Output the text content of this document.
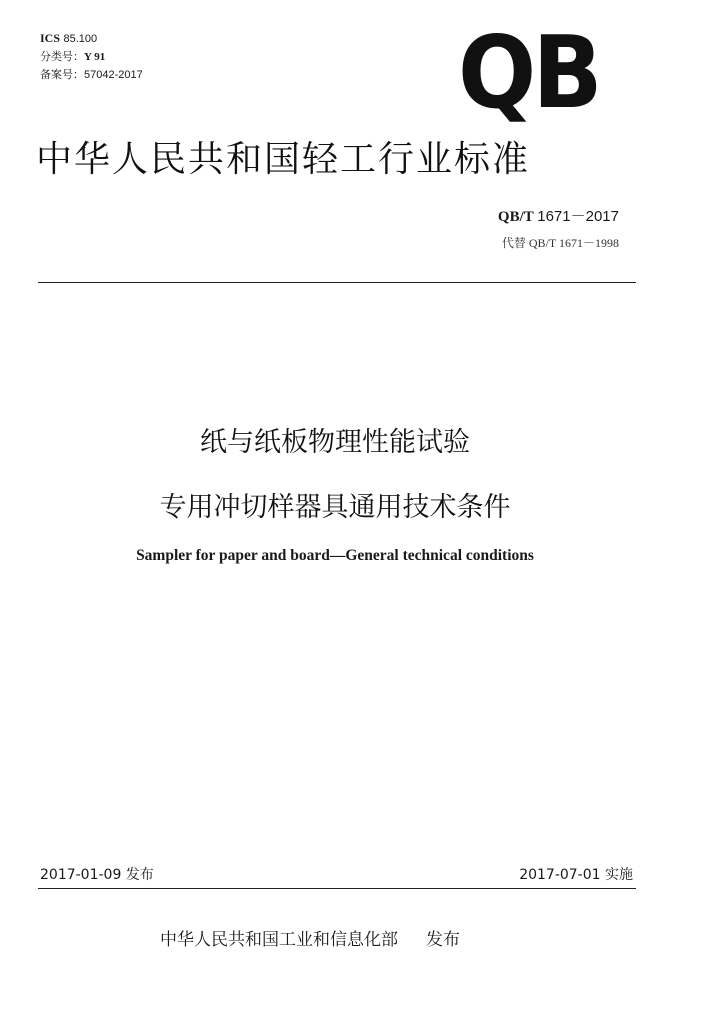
ICS 85.100
分类号：Y 91
备案号：57042-2017	QB
中华人民共和国轻工行业标准
QB/T 1671－2017
代替 QB/T 1671－1998
纸与纸板物理性能试验
专用冲切样器具通用技术条件
Sampler for paper and board—General technical conditions
2017-01-09 发布	2017-07-01 实施
中华人民共和国工业和信息化部 发布
